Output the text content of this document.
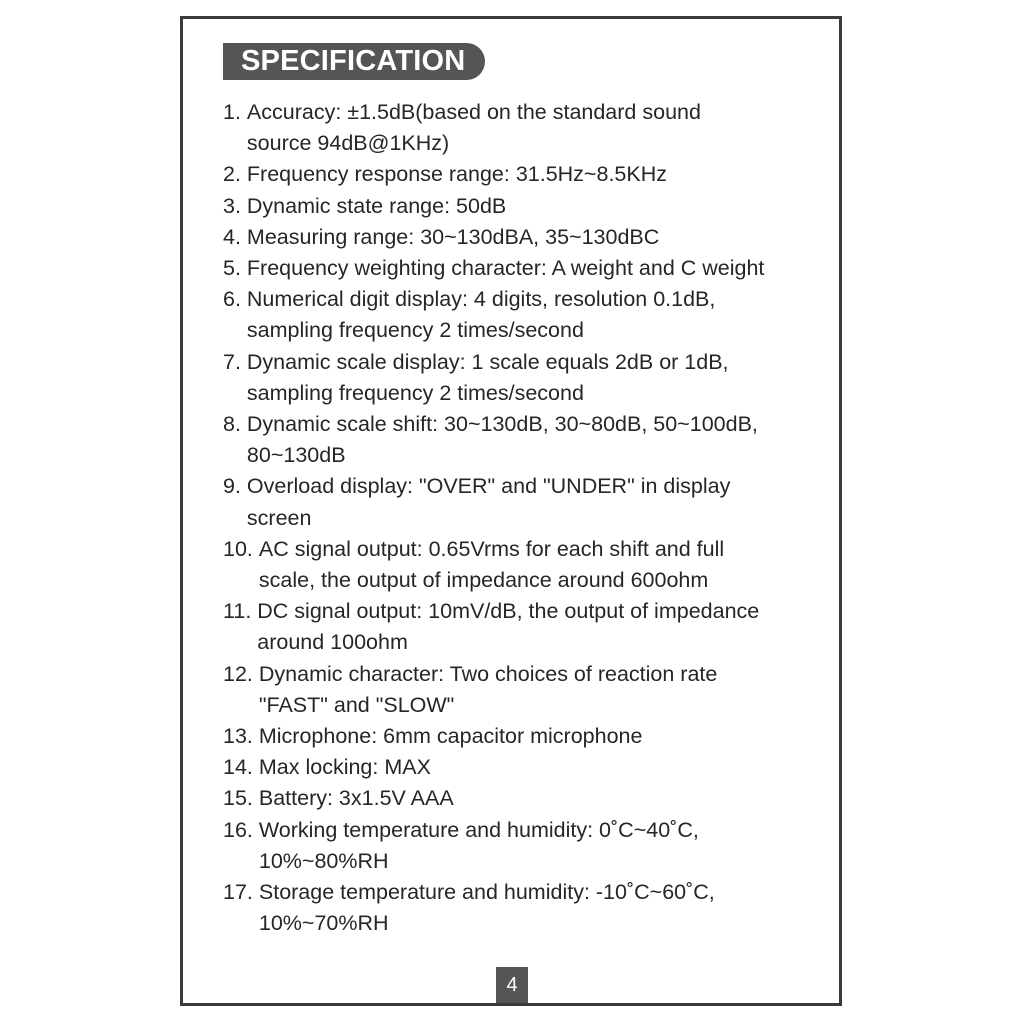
SPECIFICATION
1. Accuracy: ±1.5dB(based on the standard sound
source 94dB@1KHz)
2. Frequency response range: 31.5Hz~8.5KHz
3. Dynamic state range: 50dB
4. Measuring range: 30~130dBA, 35~130dBC
5. Frequency weighting character: A weight and C weight
6. Numerical digit display: 4 digits, resolution 0.1dB,
sampling frequency 2 times/second
7. Dynamic scale display: 1 scale equals 2dB or 1dB,
sampling frequency 2 times/second
8. Dynamic scale shift: 30~130dB, 30~80dB, 50~100dB,
80~130dB
9. Overload display: "OVER" and "UNDER" in display
screen
10. AC signal output: 0.65Vrms for each shift and full
scale, the output of impedance around 600ohm
11. DC signal output: 10mV/dB, the output of impedance
around 100ohm
12. Dynamic character: Two choices of reaction rate
"FAST" and "SLOW"
13. Microphone: 6mm capacitor microphone
14. Max locking: MAX
15. Battery: 3x1.5V AAA
16. Working temperature and humidity: 0˚C~40˚C,
10%~80%RH
17. Storage temperature and humidity: -10˚C~60˚C,
10%~70%RH
4
